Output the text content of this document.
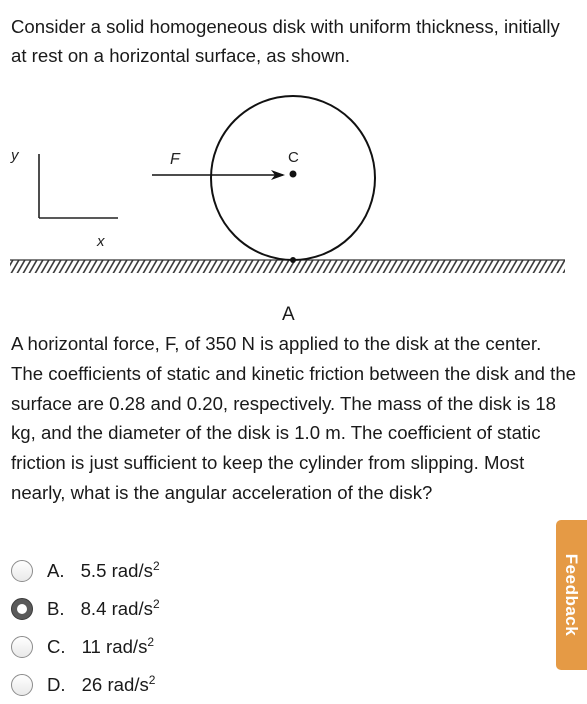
Consider a solid homogeneous disk with uniform thickness, initially at rest on a horizontal surface, as shown.

y
x
C
F
A

A horizontal force, F, of 350 N is applied to the disk at the center. The coefficients of static and kinetic friction between the disk and the surface are 0.28 and 0.20, respectively. The mass of the disk is 18 kg, and the diameter of the disk is 1.0 m. The coefficient of static friction is just sufficient to keep the cylinder from slipping. Most nearly, what is the angular acceleration of the disk?

A. 5.5 rad/$s^2$
B. 8.4 rad/$s^2$
C. 11 rad/$s^2$
D. 26 rad/$s^2$
Feedback
